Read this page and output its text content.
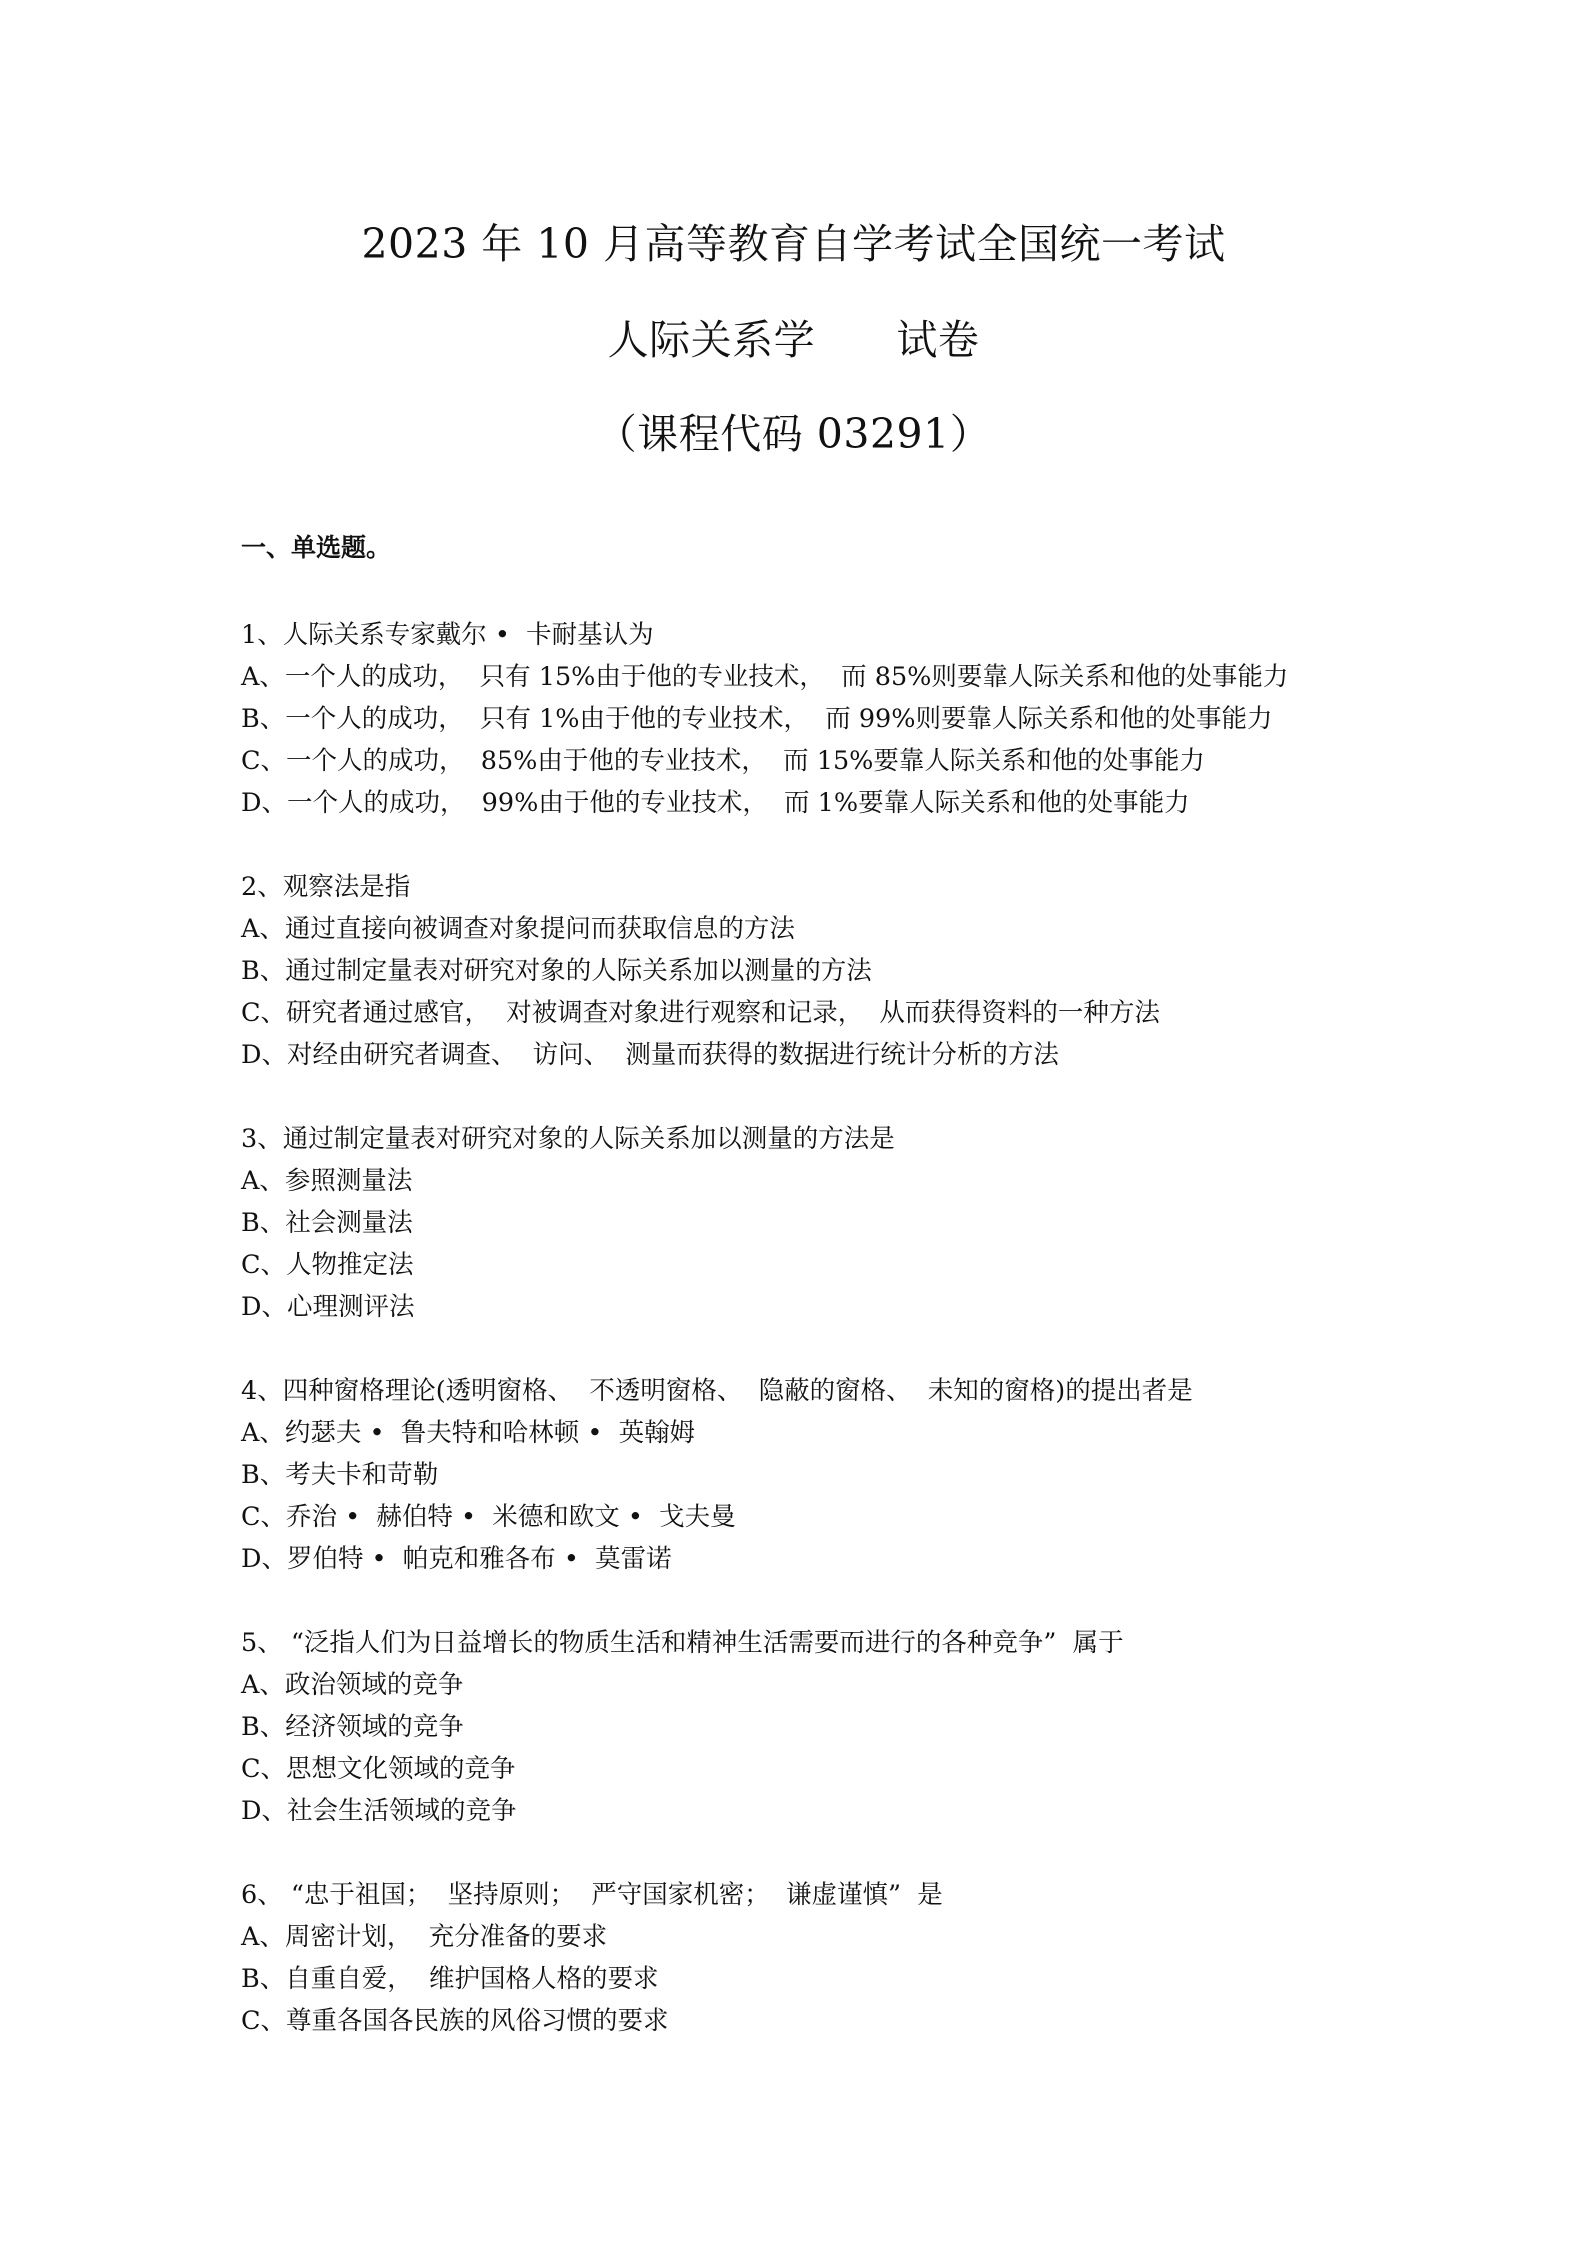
2023 年 10 月高等教育自学考试全国统一考试
人际关系学      试卷
（课程代码 03291）
一、单选题。
1、人际关系专家戴尔 •  卡耐基认为
A、一个人的成功，  只有 15%由于他的专业技术，  而 85%则要靠人际关系和他的处事能力
B、一个人的成功，  只有 1%由于他的专业技术，  而 99%则要靠人际关系和他的处事能力
C、一个人的成功，  85%由于他的专业技术，  而 15%要靠人际关系和他的处事能力
D、一个人的成功，  99%由于他的专业技术，  而 1%要靠人际关系和他的处事能力
2、观察法是指
A、通过直接向被调查对象提问而获取信息的方法
B、通过制定量表对研究对象的人际关系加以测量的方法
C、研究者通过感官，  对被调查对象进行观察和记录，  从而获得资料的一种方法
D、对经由研究者调查、  访问、  测量而获得的数据进行统计分析的方法
3、通过制定量表对研究对象的人际关系加以测量的方法是
A、参照测量法
B、社会测量法
C、人物推定法
D、心理测评法
4、四种窗格理论(透明窗格、  不透明窗格、  隐蔽的窗格、  未知的窗格)的提出者是
A、约瑟夫 •  鲁夫特和哈林顿 •  英翰姆
B、考夫卡和苛勒
C、乔治 •  赫伯特 •  米德和欧文 •  戈夫曼
D、罗伯特 •  帕克和雅各布 •  莫雷诺
5、 “泛指人们为日益增长的物质生活和精神生活需要而进行的各种竞争”  属于
A、政治领域的竞争
B、经济领域的竞争
C、思想文化领域的竞争
D、社会生活领域的竞争
6、 “忠于祖国；  坚持原则；  严守国家机密；  谦虚谨慎”  是
A、周密计划，  充分准备的要求
B、自重自爱，  维护国格人格的要求
C、尊重各国各民族的风俗习惯的要求
